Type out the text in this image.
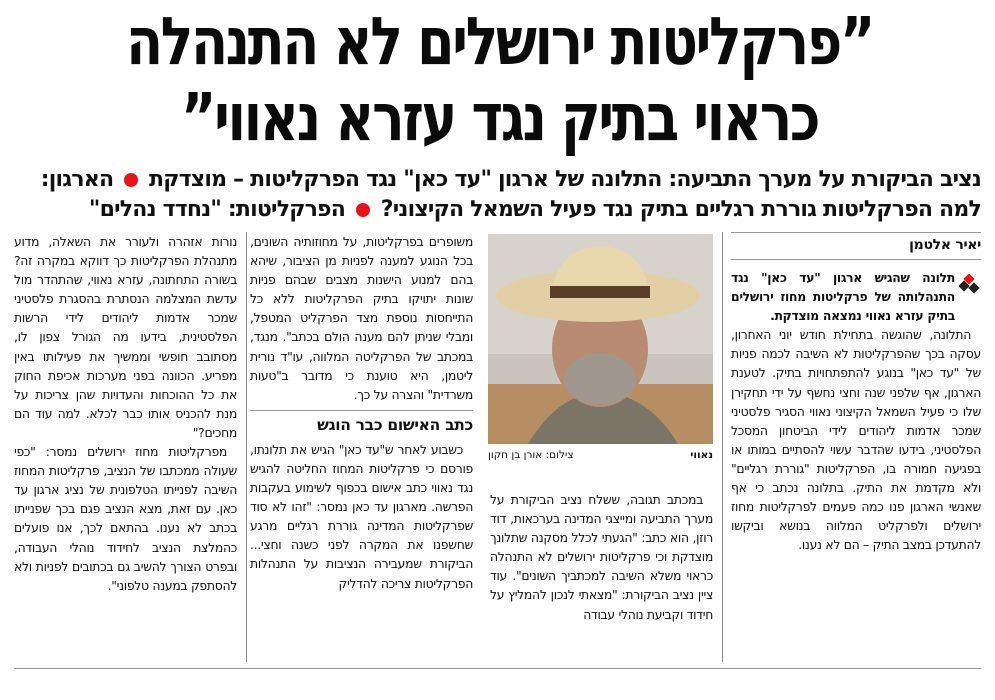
”פרקליטות ירושלים לא התנהלה
כראוי בתיק נגד עזרא נאווי”
נציב הביקורת על מערך התביעה: התלונה של ארגון "עד כאן" נגד הפרקליטות – מוצדקת  הארגון:
למה הפרקליטות גוררת רגליים בתיק נגד פעיל השמאל הקיצוני?  הפרקליטות: "נחדד נהלים"
יאיר אלטמן

תלונה שהגיש ארגון "עד כאן" נגד התנהלותה של פרקליטות מחוז ירושלים בתיק עזרא נאווי נמצאה מוצדקת.

התלונה, שהוגשה בתחילת חודש יוני האחרון, עסקה בכך שהפרקליטות לא השיבה לכמה פניות של "עד כאן" בנוגע להתפתחויות בתיק. לטענת הארגון, אף שלפני שנה וחצי נחשף על ידי תחקירן שלו כי פעיל השמאל הקיצוני נאווי הסגיר פלסטיני שמכר אדמות ליהודים לידי הביטחון המסכל הפלסטיני, בידעו שהדבר עשוי להסתיים במותו או בפגיעה חמורה בו, הפרקליטות "גוררת רגליים" ולא מקדמת את התיק. בתלונה נכתב כי אף שאנשי הארגון פנו כמה פעמים לפרקליטות מחוז ירושלים ולפרקליט המלווה בנושא וביקשו להתעדכן במצב התיק – הם לא נענו.

נאווי
צילום: אורן בן חקון

במכתב תגובה, ששלח נציב הביקורת על מערך התביעה ומייצגי המדינה בערכאות, דוד רוזן, הוא כתב: "הגעתי לכלל מסקנה שתלונך מוצדקת וכי פרקליטות ירושלים לא התנהלה כראוי משלא השיבה למכתביך השונים". עוד ציין נציב הביקורת: "מצאתי לנכון להמליץ על חידוד וקביעת נוהלי עבודה

משופרים בפרקליטות, על מחוזותיה השונים, בכל הנוגע למענה לפניות מן הציבור, שיהא בהם למנוע הישנות מצבים שבהם פניות שונות יתויקו בתיק הפרקליטות ללא כל התייחסות נוספת מצד הפרקליט המטפל, ומבלי שניתן להם מענה הולם בכתב". מנגד, במכתב של הפרקליטה המלווה, עו"ד נורית ליטמן, היא טוענת כי מדובר ב"טעות משרדית" והצרה על כך.

כתב האישום כבר הוגש

כשבוע לאחר ש"עד כאן" הגיש את תלונתו, פורסם כי פרקליטות המחוז החליטה להגיש נגד נאווי כתב אישום בכפוף לשימוע בעקבות הפרשה. מארגון עד כאן נמסר: "זהו לא סוד שפרקליטות המדינה גוררת רגליים מרגע שחשפנו את המקרה לפני כשנה וחצי... הביקורת שמעבירה הנציבות על התנהלות הפרקליטות צריכה להדליק

נורות אזהרה ולעורר את השאלה, מדוע מתנהלת הפרקליטות כך דווקא במקרה זה? בשורה התחתונה, עזרא נאווי, שהתהדר מול עדשת המצלמה הנסתרת בהסגרת פלסטיני שמכר אדמות ליהודים לידי הרשות הפלסטינית, בידעו מה הגורל צפון לו, מסתובב חופשי וממשיך את פעילותו באין מפריע. הכוונה בפני מערכות אכיפת החוק את כל ההוכחות והעדויות שהן צריכות על מנת להכניס אותו כבר לכלא. למה עוד הם מחכים?"

מפרקליטות מחוז ירושלים נמסר: "כפי שעולה ממכתבו של הנציב, פרקליטות המחוז השיבה לפנייתו הטלפונית של נציג ארגון עד כאן. עם זאת, מצא הנציב פגם בכך שפנייתו בכתב לא נענו. בהתאם לכך, אנו פועלים כהמלצת הנציב לחידוד נוהלי העבודה, ובפרט הצורך להשיב גם בכתובים לפניות ולא להסתפק במענה טלפוני".
